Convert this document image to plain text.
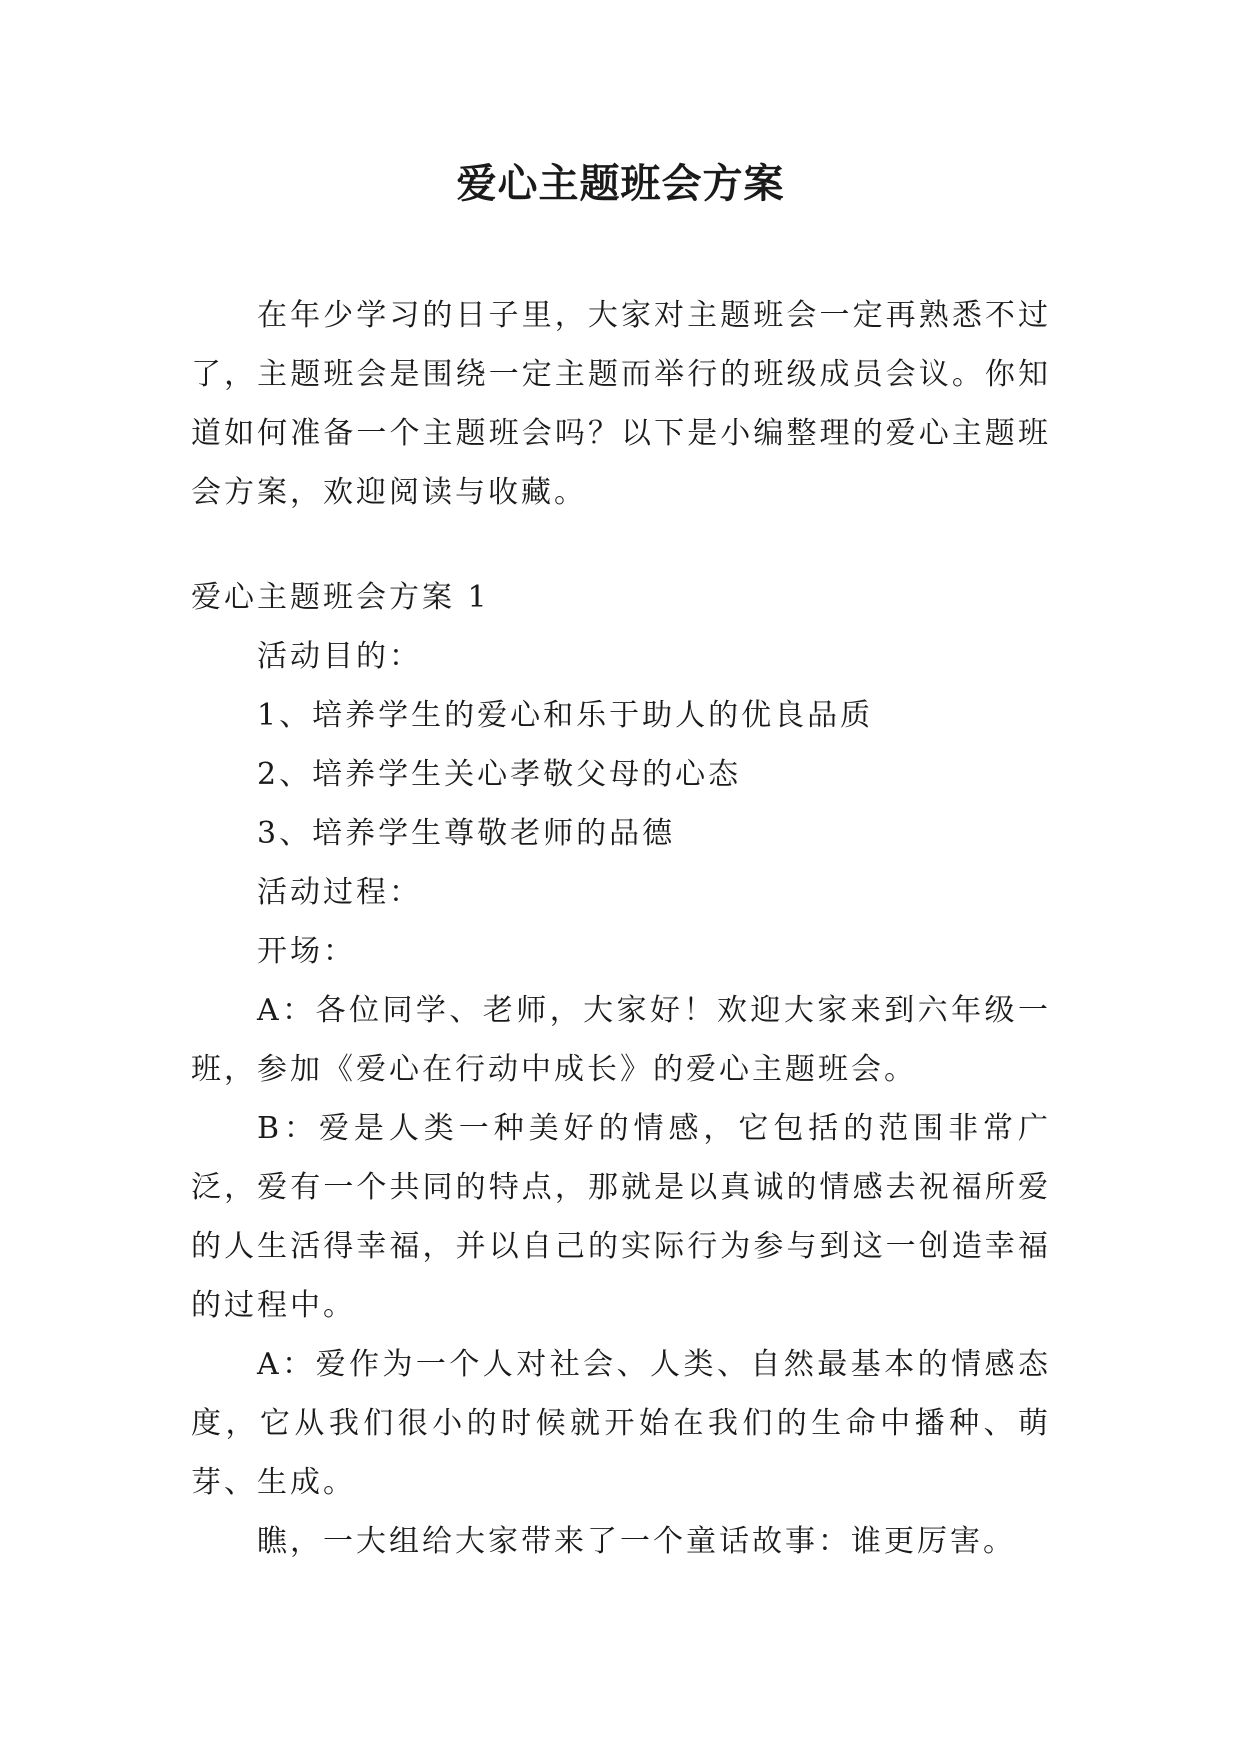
爱心主题班会方案

在年少学习的日子里，大家对主题班会一定再熟悉不过了，主题班会是围绕一定主题而举行的班级成员会议。你知道如何准备一个主题班会吗？以下是小编整理的爱心主题班会方案，欢迎阅读与收藏。

爱心主题班会方案 1

活动目的：

1、培养学生的爱心和乐于助人的优良品质

2、培养学生关心孝敬父母的心态

3、培养学生尊敬老师的品德

活动过程：

开场：

A：各位同学、老师，大家好！欢迎大家来到六年级一班，参加《爱心在行动中成长》的爱心主题班会。

B：爱是人类一种美好的情感，它包括的范围非常广泛，爱有一个共同的特点，那就是以真诚的情感去祝福所爱的人生活得幸福，并以自己的实际行为参与到这一创造幸福的过程中。

A：爱作为一个人对社会、人类、自然最基本的情感态度，它从我们很小的时候就开始在我们的生命中播种、萌芽、生成。

瞧，一大组给大家带来了一个童话故事：谁更厉害。
